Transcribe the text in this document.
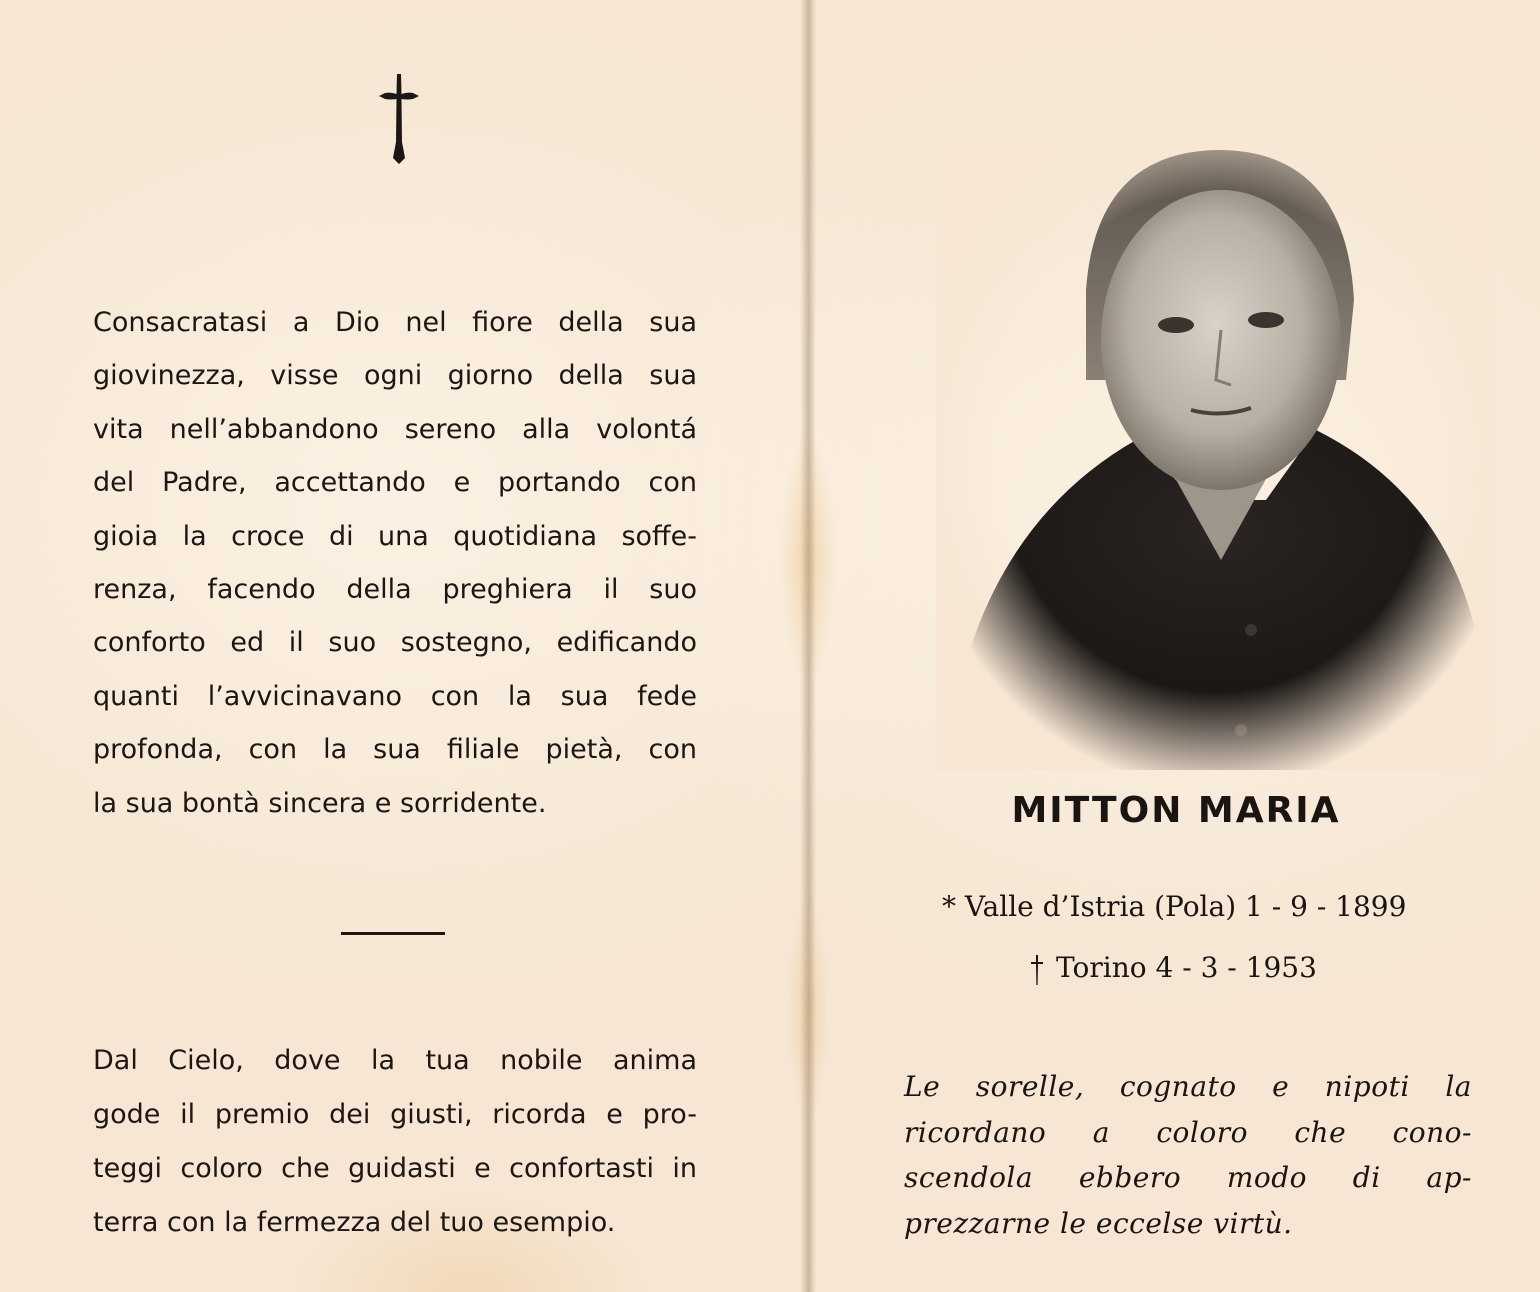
Consacratasi a Dio nel fiore della sua
giovinezza, visse ogni giorno della sua
vita nell’abbandono sereno alla volontá
del Padre, accettando e portando con
gioia la croce di una quotidiana soffe-
renza, facendo della preghiera il suo
conforto ed il suo sostegno, edificando
quanti l’avvicinavano con la sua fede
profonda, con la sua filiale pietà, con
la sua bontà sincera e sorridente.
Dal Cielo, dove la tua nobile anima
gode il premio dei giusti, ricorda e pro-
teggi coloro che guidasti e confortasti in
terra con la fermezza del tuo esempio.
MITTON MARIA
* Valle d’Istria (Pola) 1 - 9 - 1899
Torino 4 - 3 - 1953
Le sorelle, cognato e nipoti la
ricordano a coloro che cono-
scendola ebbero modo di ap-
prezzarne le eccelse virtù.
